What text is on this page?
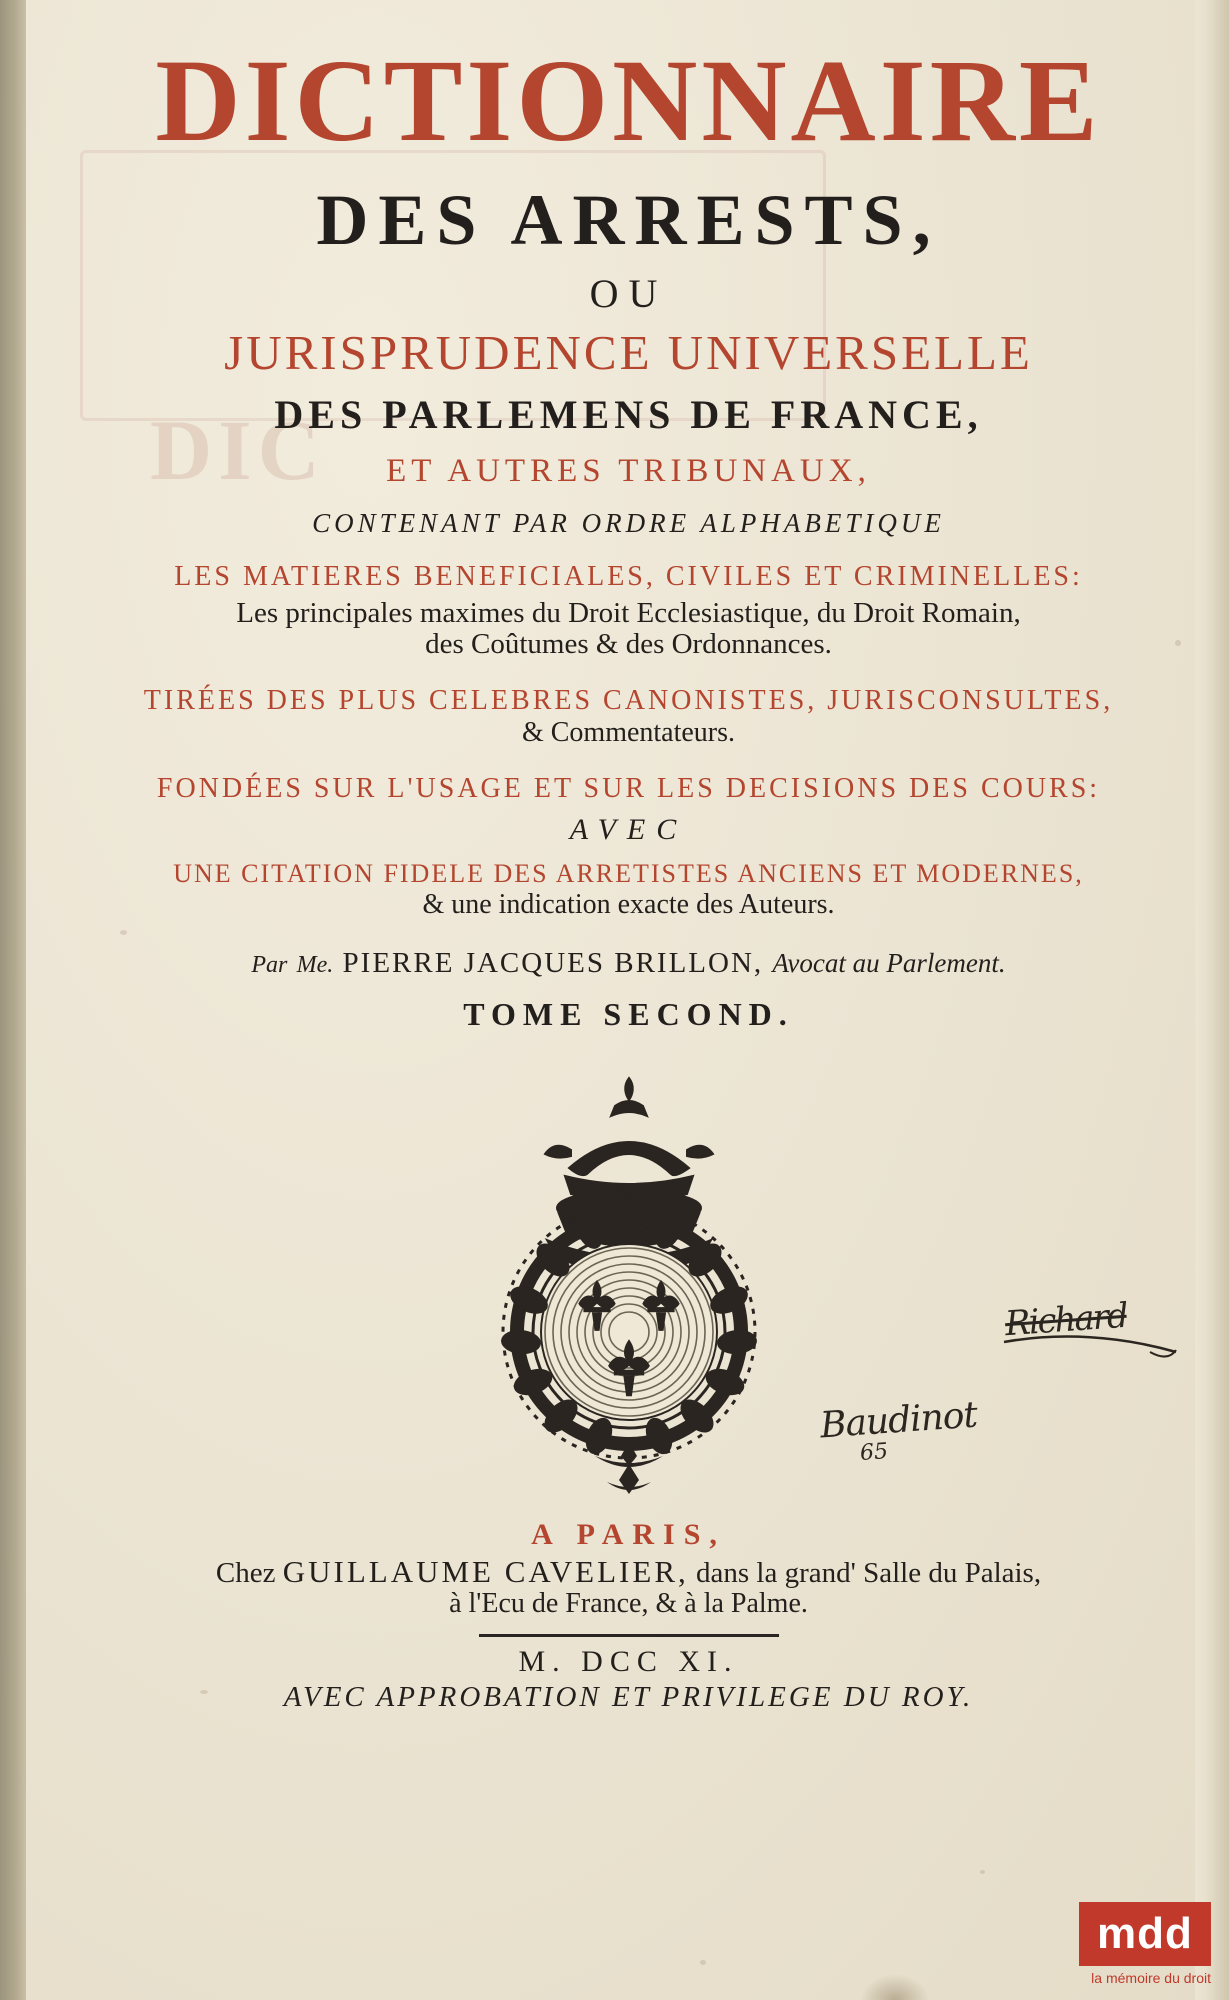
DIC

DICTIONNAIRE

DES ARRESTS,

OU

JURISPRUDENCE UNIVERSELLE

DES PARLEMENS DE FRANCE,

ET AUTRES TRIBUNAUX,

CONTENANT PAR ORDRE ALPHABETIQUE

LES MATIERES BENEFICIALES, CIVILES ET CRIMINELLES:

Les principales maximes du Droit Ecclesiastique, du Droit Romain,

des Coûtumes & des Ordonnances.

TIRÉES DES PLUS CELEBRES CANONISTES, JURISCONSULTES,

& Commentateurs.

FONDÉES SUR L'USAGE ET SUR LES DECISIONS DES COURS:

AVEC

UNE CITATION FIDELE DES ARRETISTES ANCIENS ET MODERNES,

& une indication exacte des Auteurs.

Par Me. PIERRE JACQUES BRILLON, Avocat au Parlement.

TOME SECOND.

A PARIS,

Chez GUILLAUME CAVELIER, dans la grand' Salle du Palais,

à l'Ecu de France, & à la Palme.

M. DCC XI.

AVEC APPROBATION ET PRIVILEGE DU ROY.

Richard
Baudinot
65
mdd
la mémoire du droit
